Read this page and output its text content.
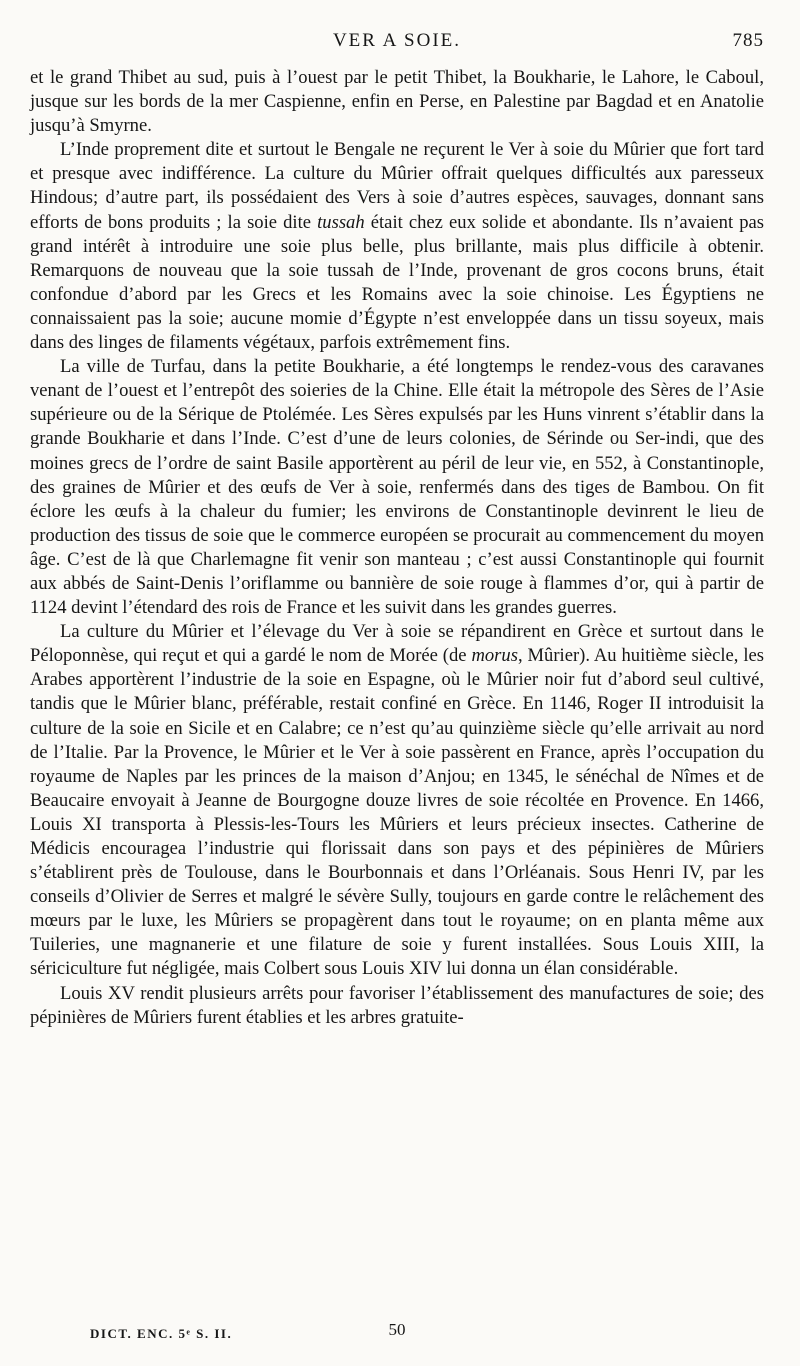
VER A SOIE.	785

et le grand Thibet au sud, puis à l’ouest par le petit Thibet, la Boukharie, le Lahore, le Caboul, jusque sur les bords de la mer Caspienne, enfin en Perse, en Palestine par Bagdad et en Anatolie jusqu’à Smyrne.

L’Inde proprement dite et surtout le Bengale ne reçurent le Ver à soie du Mûrier que fort tard et presque avec indifférence. La culture du Mûrier offrait quelques difficultés aux paresseux Hindous; d’autre part, ils possédaient des Vers à soie d’autres espèces, sauvages, donnant sans efforts de bons produits ; la soie dite tussah était chez eux solide et abondante. Ils n’avaient pas grand intérêt à introduire une soie plus belle, plus brillante, mais plus difficile à obtenir. Remarquons de nouveau que la soie tussah de l’Inde, provenant de gros cocons bruns, était confondue d’abord par les Grecs et les Romains avec la soie chinoise. Les Égyptiens ne connaissaient pas la soie; aucune momie d’Égypte n’est enveloppée dans un tissu soyeux, mais dans des linges de filaments végétaux, parfois extrêmement fins.

La ville de Turfau, dans la petite Boukharie, a été longtemps le rendez-vous des caravanes venant de l’ouest et l’entrepôt des soieries de la Chine. Elle était la métropole des Sères de l’Asie supérieure ou de la Sérique de Ptolémée. Les Sères expulsés par les Huns vinrent s’établir dans la grande Boukharie et dans l’Inde. C’est d’une de leurs colonies, de Sérinde ou Ser-indi, que des moines grecs de l’ordre de saint Basile apportèrent au péril de leur vie, en 552, à Constantinople, des graines de Mûrier et des œufs de Ver à soie, renfermés dans des tiges de Bambou. On fit éclore les œufs à la chaleur du fumier; les environs de Constantinople devinrent le lieu de production des tissus de soie que le commerce européen se procurait au commencement du moyen âge. C’est de là que Charlemagne fit venir son manteau ; c’est aussi Constantinople qui fournit aux abbés de Saint-Denis l’oriflamme ou bannière de soie rouge à flammes d’or, qui à partir de 1124 devint l’étendard des rois de France et les suivit dans les grandes guerres.

La culture du Mûrier et l’élevage du Ver à soie se répandirent en Grèce et surtout dans le Péloponnèse, qui reçut et qui a gardé le nom de Morée (de morus, Mûrier). Au huitième siècle, les Arabes apportèrent l’industrie de la soie en Espagne, où le Mûrier noir fut d’abord seul cultivé, tandis que le Mûrier blanc, préférable, restait confiné en Grèce. En 1146, Roger II introduisit la culture de la soie en Sicile et en Calabre; ce n’est qu’au quinzième siècle qu’elle arrivait au nord de l’Italie. Par la Provence, le Mûrier et le Ver à soie passèrent en France, après l’occupation du royaume de Naples par les princes de la maison d’Anjou; en 1345, le sénéchal de Nîmes et de Beaucaire envoyait à Jeanne de Bourgogne douze livres de soie récoltée en Provence. En 1466, Louis XI transporta à Plessis-les-Tours les Mûriers et leurs précieux insectes. Catherine de Médicis encouragea l’industrie qui florissait dans son pays et des pépinières de Mûriers s’établirent près de Toulouse, dans le Bourbonnais et dans l’Orléanais. Sous Henri IV, par les conseils d’Olivier de Serres et malgré le sévère Sully, toujours en garde contre le relâchement des mœurs par le luxe, les Mûriers se propagèrent dans tout le royaume; on en planta même aux Tuileries, une magnanerie et une filature de soie y furent installées. Sous Louis XIII, la sériciculture fut négligée, mais Colbert sous Louis XIV lui donna un élan considérable.

Louis XV rendit plusieurs arrêts pour favoriser l’établissement des manufactures de soie; des pépinières de Mûriers furent établies et les arbres gratuite-

DICT. ENC. 5ᵉ S. II.	50
